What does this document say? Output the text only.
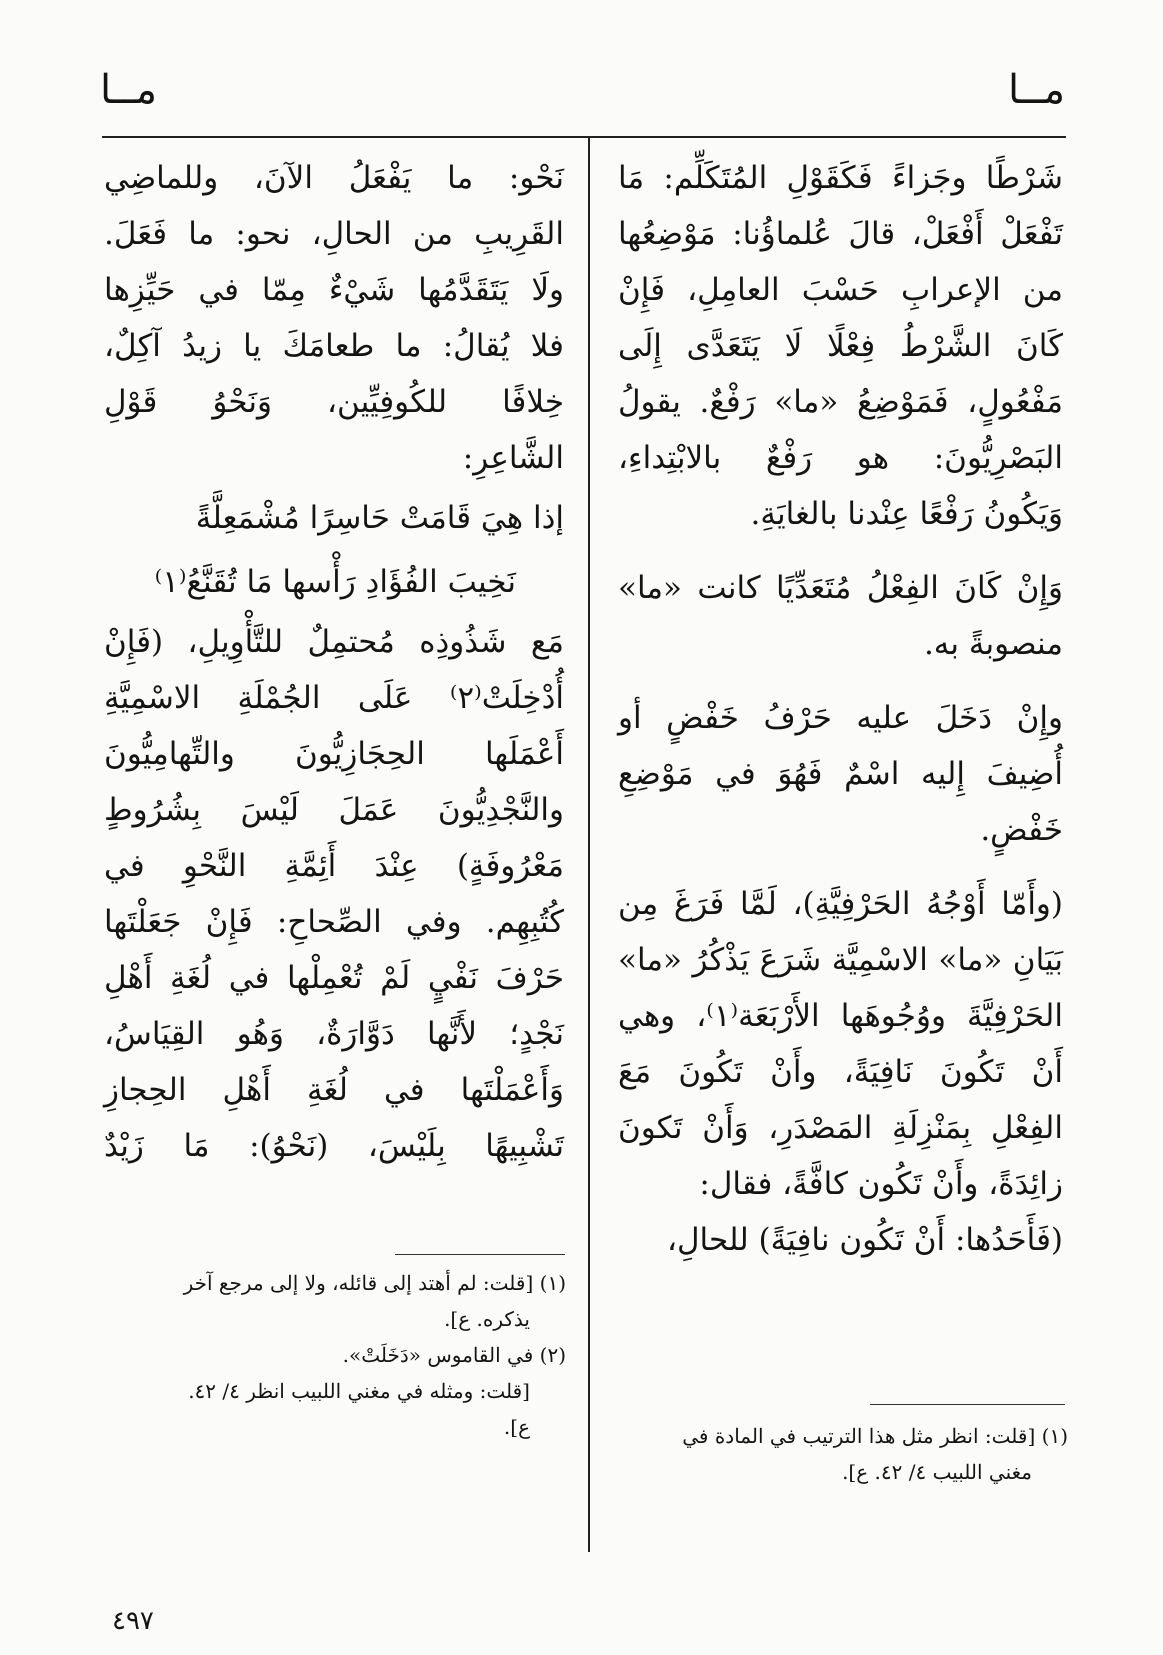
مــا
مــا
شَرْطًا وجَزاءً فَكَقَوْلِ المُتَكَلِّم: مَا
تَفْعَلْ أَفْعَلْ، قالَ عُلماؤُنا: مَوْضِعُها
من الإعرابِ حَسْبَ العامِلِ، فَإِنْ
كَانَ الشَّرْطُ فِعْلًا لَا يَتَعَدَّى إِلَى
مَفْعُولٍ، فَمَوْضِعُ «ما» رَفْعٌ. يقولُ
البَصْرِيُّونَ: هو رَفْعٌ بالابْتِداءِ،
وَيَكُونُ رَفْعًا عِنْدنا بالغايَةِ.
وَإِنْ كَانَ الفِعْلُ مُتَعَدِّيًا كانت «ما»
منصوبةً به.
وإِنْ دَخَلَ عليه حَرْفُ خَفْضٍ أو
أُضِيفَ إِليه اسْمٌ فَهُوَ في مَوْضِعِ
خَفْضٍ.
(وأَمّا أَوْجُهُ الحَرْفِيَّةِ)، لَمَّا فَرَغَ مِن
بَيَانِ «ما» الاسْمِيَّة شَرَعَ يَذْكُرُ «ما»
الحَرْفِيَّةَ ووُجُوهَها الأَرْبَعَة⁽١⁾، وهي
أَنْ تَكُونَ نَافِيَةً، وأَنْ تَكُونَ مَعَ
الفِعْلِ بِمَنْزِلَةِ المَصْدَرِ، وَأَنْ تَكونَ
زائِدَةً، وأَنْ تَكُون كافَّةً، فقال:
(فَأَحَدُها: أَنْ تَكُون نافِيَةً) للحالِ،
نَحْو: ما يَفْعَلُ الآنَ، وللماضِي
القَرِيبِ من الحالِ، نحو: ما فَعَلَ.
ولَا يَتَقَدَّمُها شَيْءٌ مِمّا في حَيِّزِها
فلا يُقالُ: ما طعامَكَ يا زيدُ آكِلٌ،
خِلافًا للكُوفِيِّين، وَنَحْوُ قَوْلِ
الشَّاعِرِ:
إذا هِيَ قَامَتْ حَاسِرًا مُشْمَعِلَّةً
نَخِيبَ الفُؤَادِ رَأْسها مَا تُقَنَّعُ⁽١⁾
مَع شَذُوذِه مُحتمِلٌ للتَّأْوِيلِ، (فَإِنْ
أُدْخِلَتْ⁽٢⁾ عَلَى الجُمْلَةِ الاسْمِيَّةِ
أَعْمَلَها الحِجَازِيُّونَ والتِّهامِيُّونَ
والنَّجْدِيُّونَ عَمَلَ لَيْسَ بِشُرُوطٍ
مَعْرُوفَةٍ) عِنْدَ أَئِمَّةِ النَّحْوِ في
كُتُبِهِم. وفي الصِّحاحِ: فَإِنْ جَعَلْتَها
حَرْفَ نَفْيٍ لَمْ تُعْمِلْها في لُغَةِ أَهْلِ
نَجْدٍ؛ لأَنَّها دَوَّارَةٌ، وَهُو القِيَاسُ،
وَأَعْمَلْتَها في لُغَةِ أَهْلِ الحِجازِ
تَشْبِيهًا بِلَيْسَ، (نَحْوُ): مَا زَيْدٌ
(١) [قلت: انظر مثل هذا الترتيب في المادة في
مغني اللبيب ٤/ ٤٢. ع].
(١) [قلت: لم أهتد إلى قائله، ولا إلى مرجع آخر
يذكره. ع].
(٢) في القاموس «دَخَلَتْ».
[قلت: ومثله في مغني اللبيب انظر ٤/ ٤٢.
ع].
٤٩٧
